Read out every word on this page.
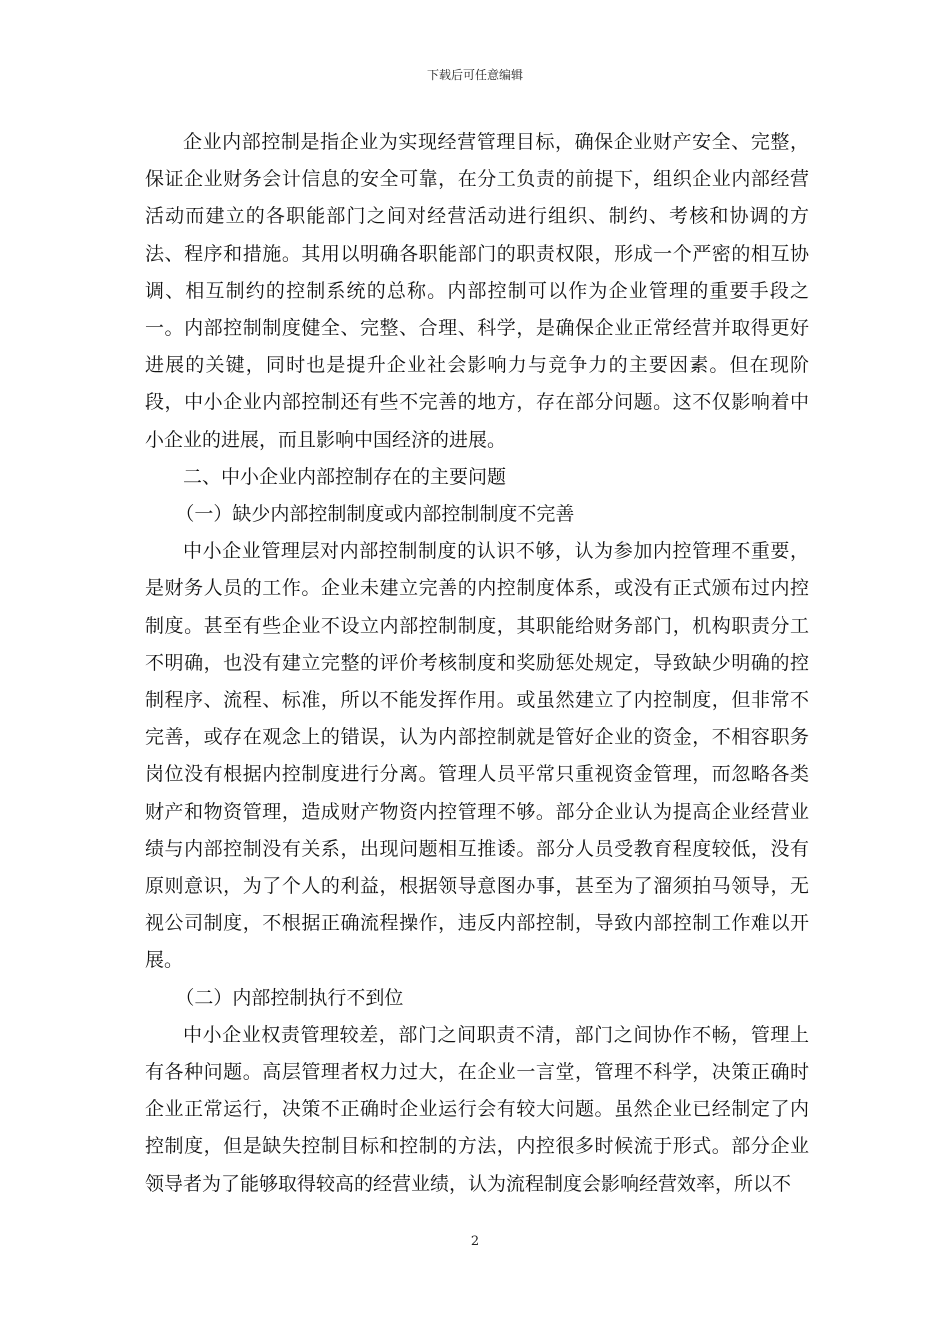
下载后可任意编辑

企业内部控制是指企业为实现经营管理目标，确保企业财产安全、完整，保证企业财务会计信息的安全可靠，在分工负责的前提下，组织企业内部经营活动而建立的各职能部门之间对经营活动进行组织、制约、考核和协调的方法、程序和措施。其用以明确各职能部门的职责权限，形成一个严密的相互协调、相互制约的控制系统的总称。内部控制可以作为企业管理的重要手段之一。内部控制制度健全、完整、合理、科学，是确保企业正常经营并取得更好进展的关键，同时也是提升企业社会影响力与竞争力的主要因素。但在现阶段，中小企业内部控制还有些不完善的地方，存在部分问题。这不仅影响着中小企业的进展，而且影响中国经济的进展。

二、中小企业内部控制存在的主要问题

（一）缺少内部控制制度或内部控制制度不完善

中小企业管理层对内部控制制度的认识不够，认为参加内控管理不重要，是财务人员的工作。企业未建立完善的内控制度体系，或没有正式颁布过内控制度。甚至有些企业不设立内部控制制度，其职能给财务部门，机构职责分工不明确，也没有建立完整的评价考核制度和奖励惩处规定，导致缺少明确的控制程序、流程、标准，所以不能发挥作用。或虽然建立了内控制度，但非常不完善，或存在观念上的错误，认为内部控制就是管好企业的资金，不相容职务岗位没有根据内控制度进行分离。管理人员平常只重视资金管理，而忽略各类财产和物资管理，造成财产物资内控管理不够。部分企业认为提高企业经营业绩与内部控制没有关系，出现问题相互推诿。部分人员受教育程度较低，没有原则意识，为了个人的利益，根据领导意图办事，甚至为了溜须拍马领导，无视公司制度，不根据正确流程操作，违反内部控制，导致内部控制工作难以开展。

（二）内部控制执行不到位

中小企业权责管理较差，部门之间职责不清，部门之间协作不畅，管理上有各种问题。高层管理者权力过大，在企业一言堂，管理不科学，决策正确时企业正常运行，决策不正确时企业运行会有较大问题。虽然企业已经制定了内控制度，但是缺失控制目标和控制的方法，内控很多时候流于形式。部分企业领导者为了能够取得较高的经营业绩，认为流程制度会影响经营效率，所以不

2
